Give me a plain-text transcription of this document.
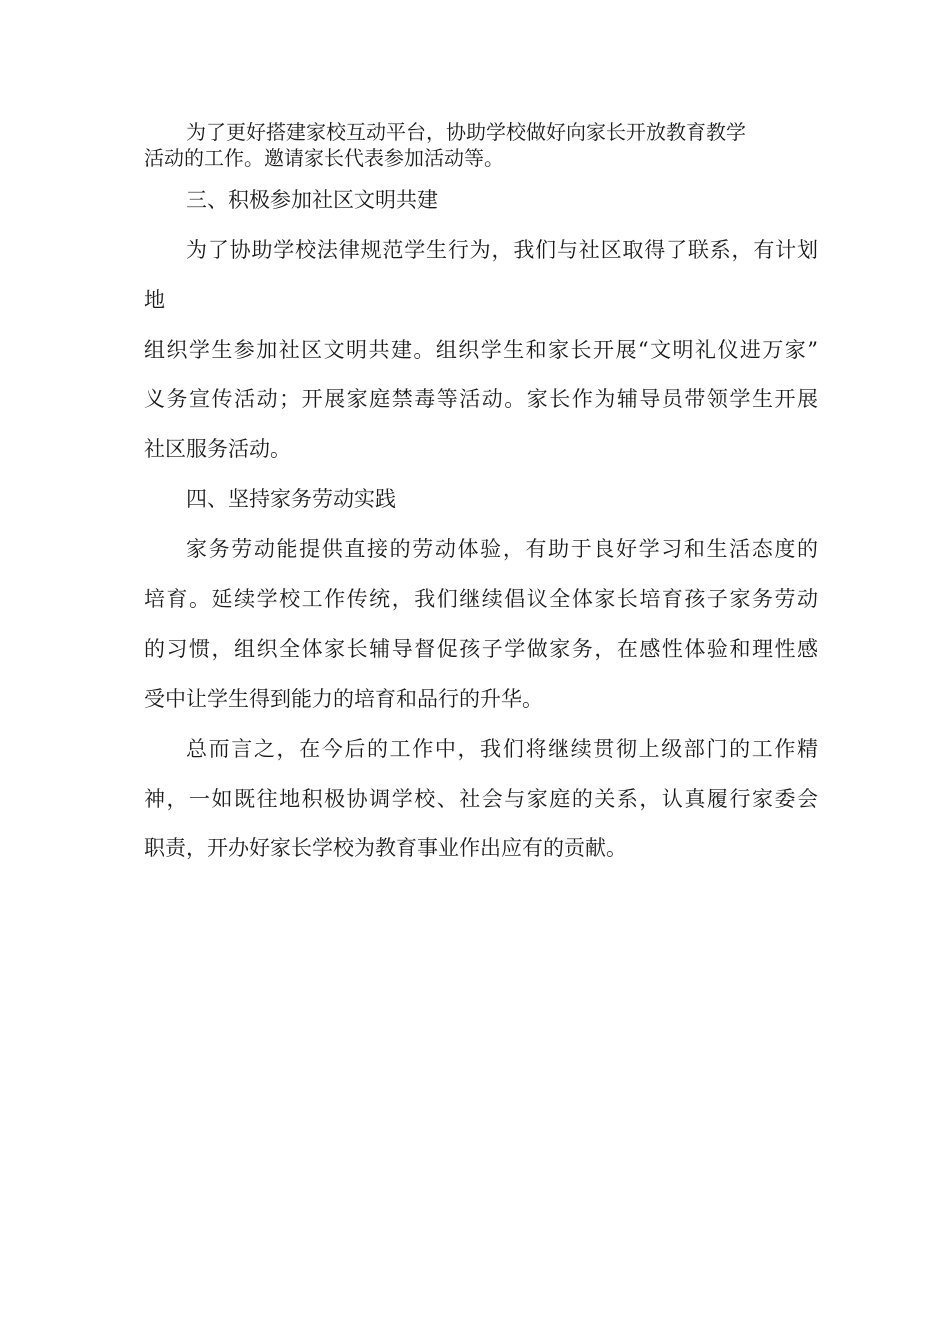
为了更好搭建家校互动平台，协助学校做好向家长开放教育教学

活动的工作。邀请家长代表参加活动等。

三、积极参加社区文明共建

为了协助学校法律规范学生行为，我们与社区取得了联系，有计划

地

组织学生参加社区文明共建。组织学生和家长开展“文明礼仪进万家”

义务宣传活动；开展家庭禁毒等活动。家长作为辅导员带领学生开展

社区服务活动。

四、坚持家务劳动实践

家务劳动能提供直接的劳动体验，有助于良好学习和生活态度的

培育。延续学校工作传统，我们继续倡议全体家长培育孩子家务劳动

的习惯，组织全体家长辅导督促孩子学做家务，在感性体验和理性感

受中让学生得到能力的培育和品行的升华。

总而言之，在今后的工作中，我们将继续贯彻上级部门的工作精

神，一如既往地积极协调学校、社会与家庭的关系，认真履行家委会

职责，开办好家长学校为教育事业作出应有的贡献。
